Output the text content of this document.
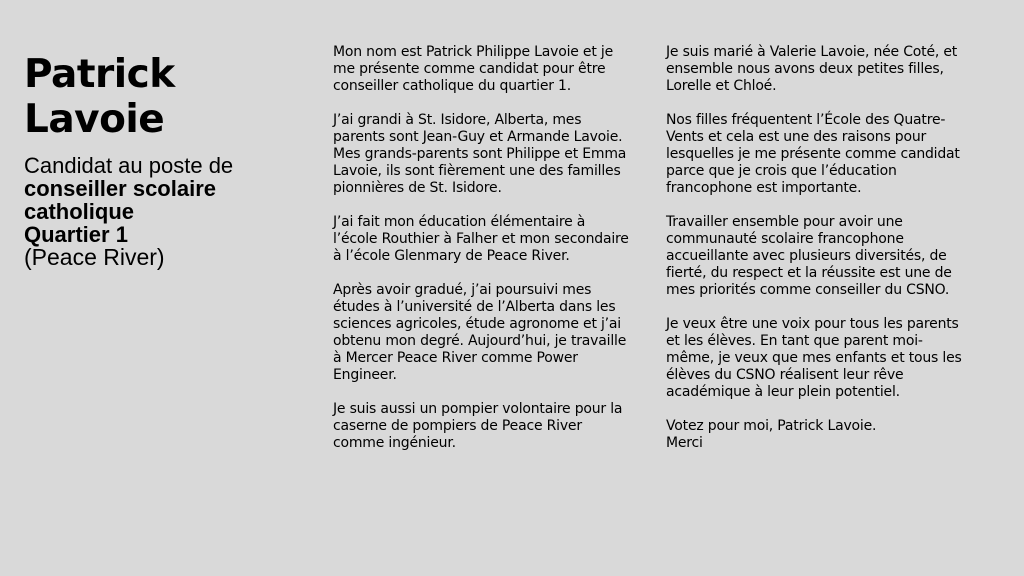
Patrick
Lavoie
Candidat au poste de
conseiller scolaire
catholique
Quartier 1
(Peace River)

Mon nom est Patrick Philippe Lavoie et je me présente comme candidat pour être conseiller catholique du quartier 1.

J’ai grandi à St. Isidore, Alberta, mes parents sont Jean-Guy et Armande Lavoie. Mes grands-parents sont Philippe et Emma Lavoie, ils sont fièrement une des familles pionnières de St. Isidore.

J’ai fait mon éducation élémentaire à l’école Routhier à Falher et mon secondaire à l’école Glenmary de Peace River.

Après avoir gradué, j’ai poursuivi mes études à l’université de l’Alberta dans les sciences agricoles, étude agronome et j’ai obtenu mon degré. Aujourd’hui, je travaille à Mercer Peace River comme Power Engineer.

Je suis aussi un pompier volontaire pour la caserne de pompiers de Peace River comme ingénieur.

Je suis marié à Valerie Lavoie, née Coté, et ensemble nous avons deux petites filles, Lorelle et Chloé.

Nos filles fréquentent l’École des Quatre-Vents et cela est une des raisons pour lesquelles je me présente comme candidat parce que je crois que l’éducation francophone est importante.

Travailler ensemble pour avoir une communauté scolaire francophone accueillante avec plusieurs diversités, de fierté, du respect et la réussite est une de mes priorités comme conseiller du CSNO.

Je veux être une voix pour tous les parents et les élèves. En tant que parent moi-même, je veux que mes enfants et tous les élèves du CSNO réalisent leur rêve académique à leur plein potentiel.

Votez pour moi, Patrick Lavoie.

Merci
